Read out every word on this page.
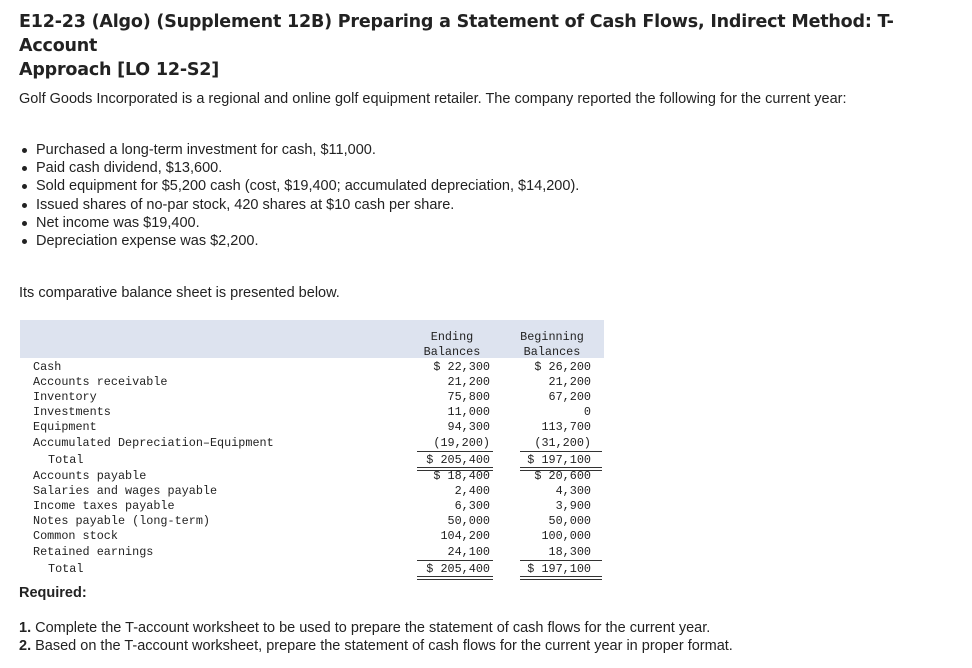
E12-23 (Algo) (Supplement 12B) Preparing a Statement of Cash Flows, Indirect Method: T-Account
Approach [LO 12-S2]
Golf Goods Incorporated is a regional and online golf equipment retailer. The company reported the following for the current year:
Purchased a long-term investment for cash, $11,000.
Paid cash dividend, $13,600.
Sold equipment for $5,200 cash (cost, $19,400; accumulated depreciation, $14,200).
Issued shares of no-par stock, 420 shares at $10 cash per share.
Net income was $19,400.
Depreciation expense was $2,200.
Its comparative balance sheet is presented below.
Ending
Balances
Beginning
Balances
Cash	$ 22,300	$ 26,200
Accounts receivable	21,200	21,200
Inventory	75,800	67,200
Investments	11,000	0
Equipment	94,300	113,700
Accumulated Depreciation–Equipment	(19,200)	(31,200)
Total	$ 205,400	$ 197,100
Accounts payable	$ 18,400	$ 20,600
Salaries and wages payable	2,400	4,300
Income taxes payable	6,300	3,900
Notes payable (long-term)	50,000	50,000
Common stock	104,200	100,000
Retained earnings	24,100	18,300
Total	$ 205,400	$ 197,100
Required:
1. Complete the T-account worksheet to be used to prepare the statement of cash flows for the current year.
2. Based on the T-account worksheet, prepare the statement of cash flows for the current year in proper format.
